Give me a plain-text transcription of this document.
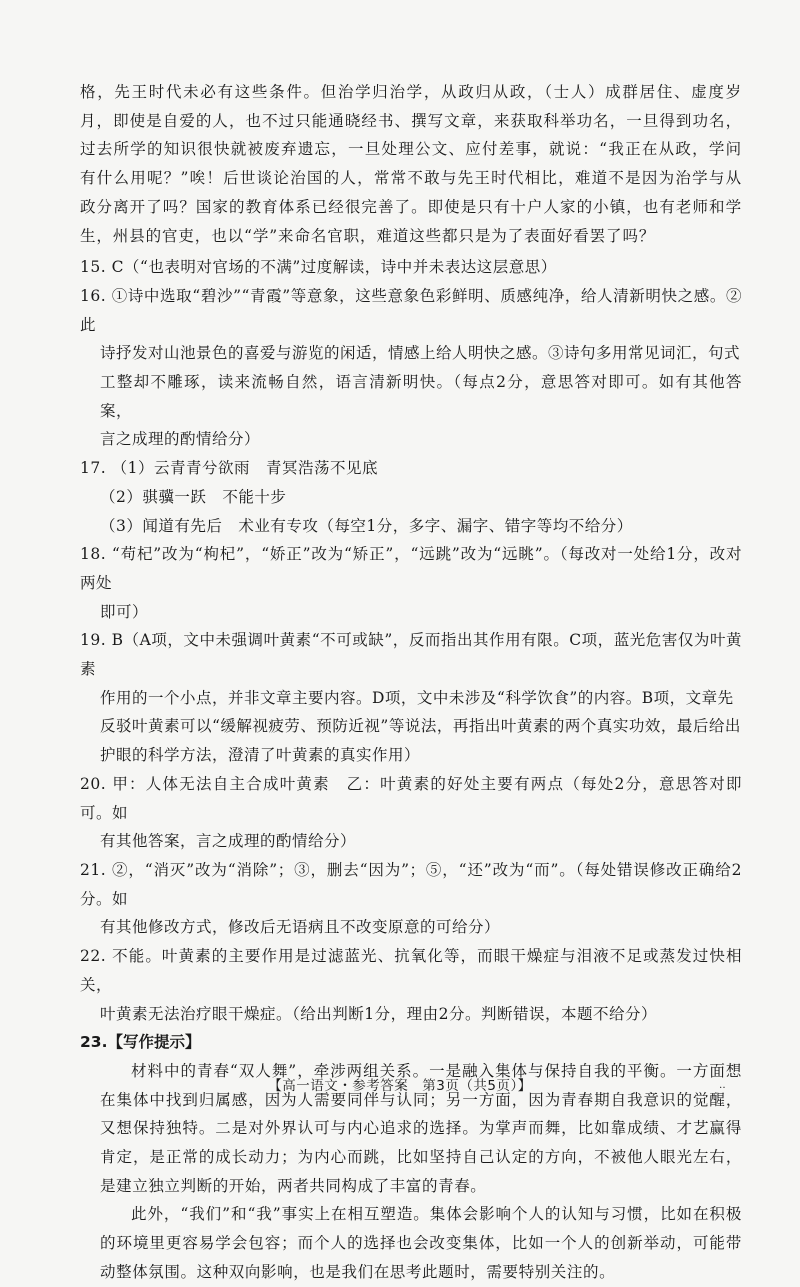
格，先王时代未必有这些条件。但治学归治学，从政归从政，（士人）成群居住、虚度岁月，即使是自爱的人，也不过只能通晓经书、撰写文章，来获取科举功名，一旦得到功名，过去所学的知识很快就被废弃遗忘，一旦处理公文、应付差事，就说：“我正在从政，学问有什么用呢？”唉！后世谈论治国的人，常常不敢与先王时代相比，难道不是因为治学与从政分离开了吗？国家的教育体系已经很完善了。即使是只有十户人家的小镇，也有老师和学生，州县的官吏，也以“学”来命名官职，难道这些都只是为了表面好看罢了吗？

15. C（“也表明对官场的不满”过度解读，诗中并未表达这层意思）

16. ①诗中选取“碧沙”“青霞”等意象，这些意象色彩鲜明、质感纯净，给人清新明快之感。②此
诗抒发对山池景色的喜爱与游览的闲适，情感上给人明快之感。③诗句多用常见词汇，句式
工整却不雕琢，读来流畅自然，语言清新明快。（每点2分，意思答对即可。如有其他答案，
言之成理的酌情给分）

17. （1）云青青兮欲雨　青冥浩荡不见底
（2）骐骥一跃　不能十步
（3）闻道有先后　术业有专攻（每空1分，多字、漏字、错字等均不给分）

18. “苟杞”改为“枸杞”，“娇正”改为“矫正”，“远跳”改为“远眺”。（每改对一处给1分，改对两处
即可）

19. B（A项，文中未强调叶黄素“不可或缺”，反而指出其作用有限。C项，蓝光危害仅为叶黄素
作用的一个小点，并非文章主要内容。D项，文中未涉及“科学饮食”的内容。B项，文章先
反驳叶黄素可以“缓解视疲劳、预防近视”等说法，再指出叶黄素的两个真实功效，最后给出
护眼的科学方法，澄清了叶黄素的真实作用）

20. 甲：人体无法自主合成叶黄素　乙：叶黄素的好处主要有两点（每处2分，意思答对即可。如
有其他答案，言之成理的酌情给分）

21. ②，“消灭”改为“消除”；③，删去“因为”；⑤，“还”改为“而”。（每处错误修改正确给2分。如
有其他修改方式，修改后无语病且不改变原意的可给分）

22. 不能。叶黄素的主要作用是过滤蓝光、抗氧化等，而眼干燥症与泪液不足或蒸发过快相关，
叶黄素无法治疗眼干燥症。（给出判断1分，理由2分。判断错误，本题不给分）

23.【写作提示】

材料中的青春“双人舞”，牵涉两组关系。一是融入集体与保持自我的平衡。一方面想在集体中找到归属感，因为人需要同伴与认同；另一方面，因为青春期自我意识的觉醒，又想保持独特。二是对外界认可与内心追求的选择。为掌声而舞，比如靠成绩、才艺赢得肯定，是正常的成长动力；为内心而跳，比如坚持自己认定的方向，不被他人眼光左右，是建立独立判断的开始，两者共同构成了丰富的青春。

此外，“我们”和“我”事实上在相互塑造。集体会影响个人的认知与习惯，比如在积极的环境里更容易学会包容；而个人的选择也会改变集体，比如一个人的创新举动，可能带动整体氛围。这种双向影响，也是我们在思考此题时，需要特别关注的。

【高一语文・参考答案　第3页（共5页）】	‥
